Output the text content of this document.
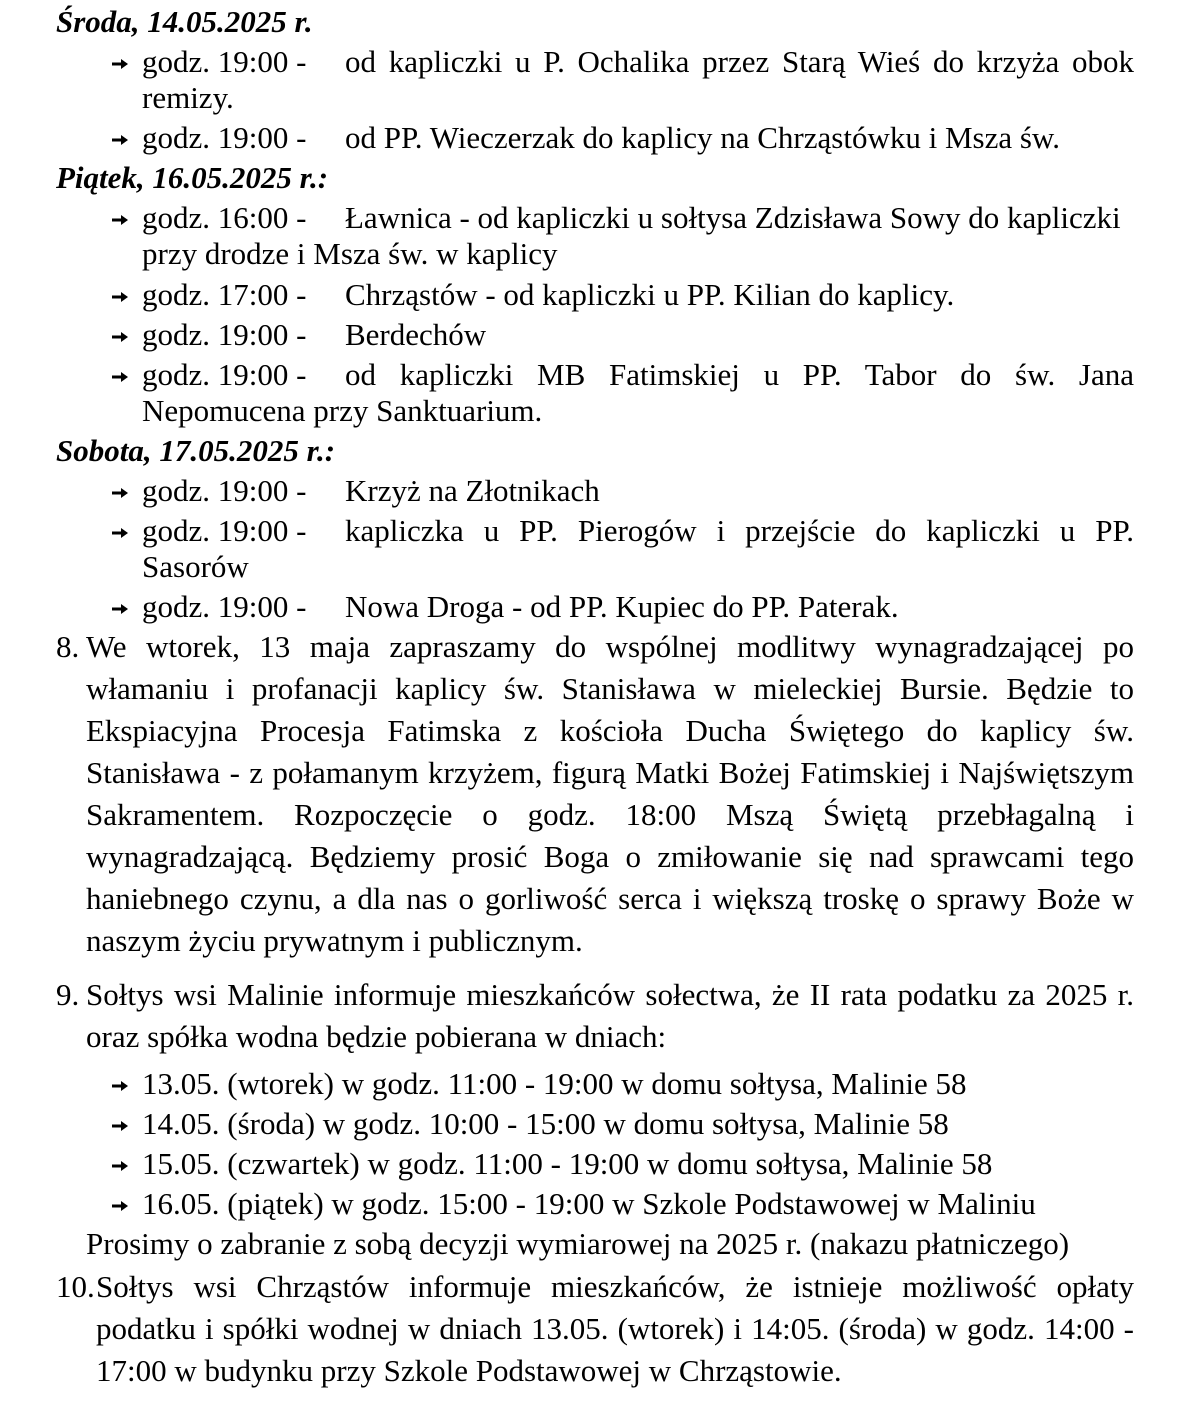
Środa, 14.05.2025 r.
godz. 19:00 - od kapliczki u P. Ochalika przez Starą Wieś do krzyża obok remizy.
godz. 19:00 - od PP. Wieczerzak do kaplicy na Chrząstówku i Msza św.
Piątek, 16.05.2025 r.:
godz. 16:00 - Ławnica - od kapliczki u sołtysa Zdzisława Sowy do kapliczki przy drodze i Msza św. w kaplicy
godz. 17:00 - Chrząstów - od kapliczki u PP. Kilian do kaplicy.
godz. 19:00 - Berdechów
godz. 19:00 - od kapliczki MB Fatimskiej u PP. Tabor do św. Jana Nepomucena przy Sanktuarium.
Sobota, 17.05.2025 r.:
godz. 19:00 - Krzyż na Złotnikach
godz. 19:00 - kapliczka u PP. Pierogów i przejście do kapliczki u PP. Sasorów
godz. 19:00 - Nowa Droga - od PP. Kupiec do PP. Paterak.
8. We wtorek, 13 maja zapraszamy do wspólnej modlitwy wynagradzającej po włamaniu i profanacji kaplicy św. Stanisława w mieleckiej Bursie. Będzie to Ekspiacyjna Procesja Fatimska z kościoła Ducha Świętego do kaplicy św. Stanisława - z połamanym krzyżem, figurą Matki Bożej Fatimskiej i Najświętszym Sakramentem. Rozpoczęcie o godz. 18:00 Mszą Świętą przebłagalną i wynagradzającą. Będziemy prosić Boga o zmiłowanie się nad sprawcami tego haniebnego czynu, a dla nas o gorliwość serca i większą troskę o sprawy Boże w naszym życiu prywatnym i publicznym.
9. Sołtys wsi Malinie informuje mieszkańców sołectwa, że II rata podatku za 2025 r. oraz spółka wodna będzie pobierana w dniach:
13.05. (wtorek) w godz. 11:00 - 19:00 w domu sołtysa, Malinie 58
14.05. (środa) w godz. 10:00 - 15:00 w domu sołtysa, Malinie 58
15.05. (czwartek) w godz. 11:00 - 19:00 w domu sołtysa, Malinie 58
16.05. (piątek) w godz. 15:00 - 19:00 w Szkole Podstawowej w Maliniu
Prosimy o zabranie z sobą decyzji wymiarowej na 2025 r. (nakazu płatniczego)
10. Sołtys wsi Chrząstów informuje mieszkańców, że istnieje możliwość opłaty podatku i spółki wodnej w dniach 13.05. (wtorek) i 14:05. (środa) w godz. 14:00 - 17:00 w budynku przy Szkole Podstawowej w Chrząstowie.
